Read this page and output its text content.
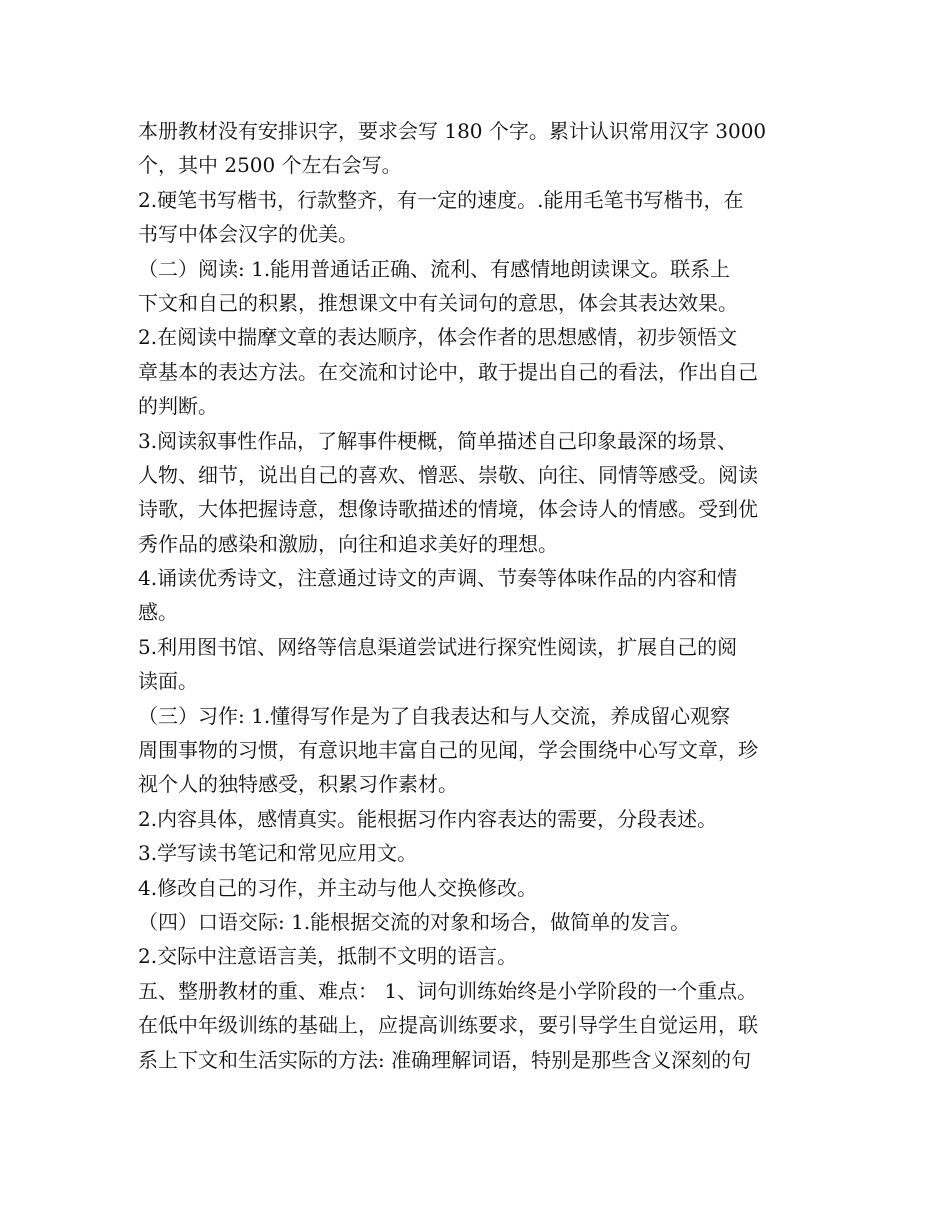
本册教材没有安排识字，要求会写 180 个字。累计认识常用汉字 3000
个，其中 2500 个左右会写。
2.硬笔书写楷书，行款整齐，有一定的速度。.能用毛笔书写楷书，在
书写中体会汉字的优美。
（二）阅读: 1.能用普通话正确、流利、有感情地朗读课文。联系上
下文和自己的积累，推想课文中有关词句的意思，体会其表达效果。
2.在阅读中揣摩文章的表达顺序，体会作者的思想感情，初步领悟文
章基本的表达方法。在交流和讨论中，敢于提出自己的看法，作出自己
的判断。
3.阅读叙事性作品，了解事件梗概，简单描述自己印象最深的场景、
人物、细节，说出自己的喜欢、憎恶、崇敬、向往、同情等感受。阅读
诗歌，大体把握诗意，想像诗歌描述的情境，体会诗人的情感。受到优
秀作品的感染和激励，向往和追求美好的理想。
4.诵读优秀诗文，注意通过诗文的声调、节奏等体味作品的内容和情
感。
5.利用图书馆、网络等信息渠道尝试进行探究性阅读，扩展自己的阅
读面。
（三）习作: 1.懂得写作是为了自我表达和与人交流，养成留心观察
周围事物的习惯，有意识地丰富自己的见闻，学会围绕中心写文章，珍
视个人的独特感受，积累习作素材。
2.内容具体，感情真实。能根据习作内容表达的需要，分段表述。
3.学写读书笔记和常见应用文。
4.修改自己的习作，并主动与他人交换修改。
（四）口语交际: 1.能根据交流的对象和场合，做简单的发言。
2.交际中注意语言美，抵制不文明的语言。
五、整册教材的重、难点： 1、词句训练始终是小学阶段的一个重点。
在低中年级训练的基础上，应提高训练要求，要引导学生自觉运用，联
系上下文和生活实际的方法: 准确理解词语，特别是那些含义深刻的句
